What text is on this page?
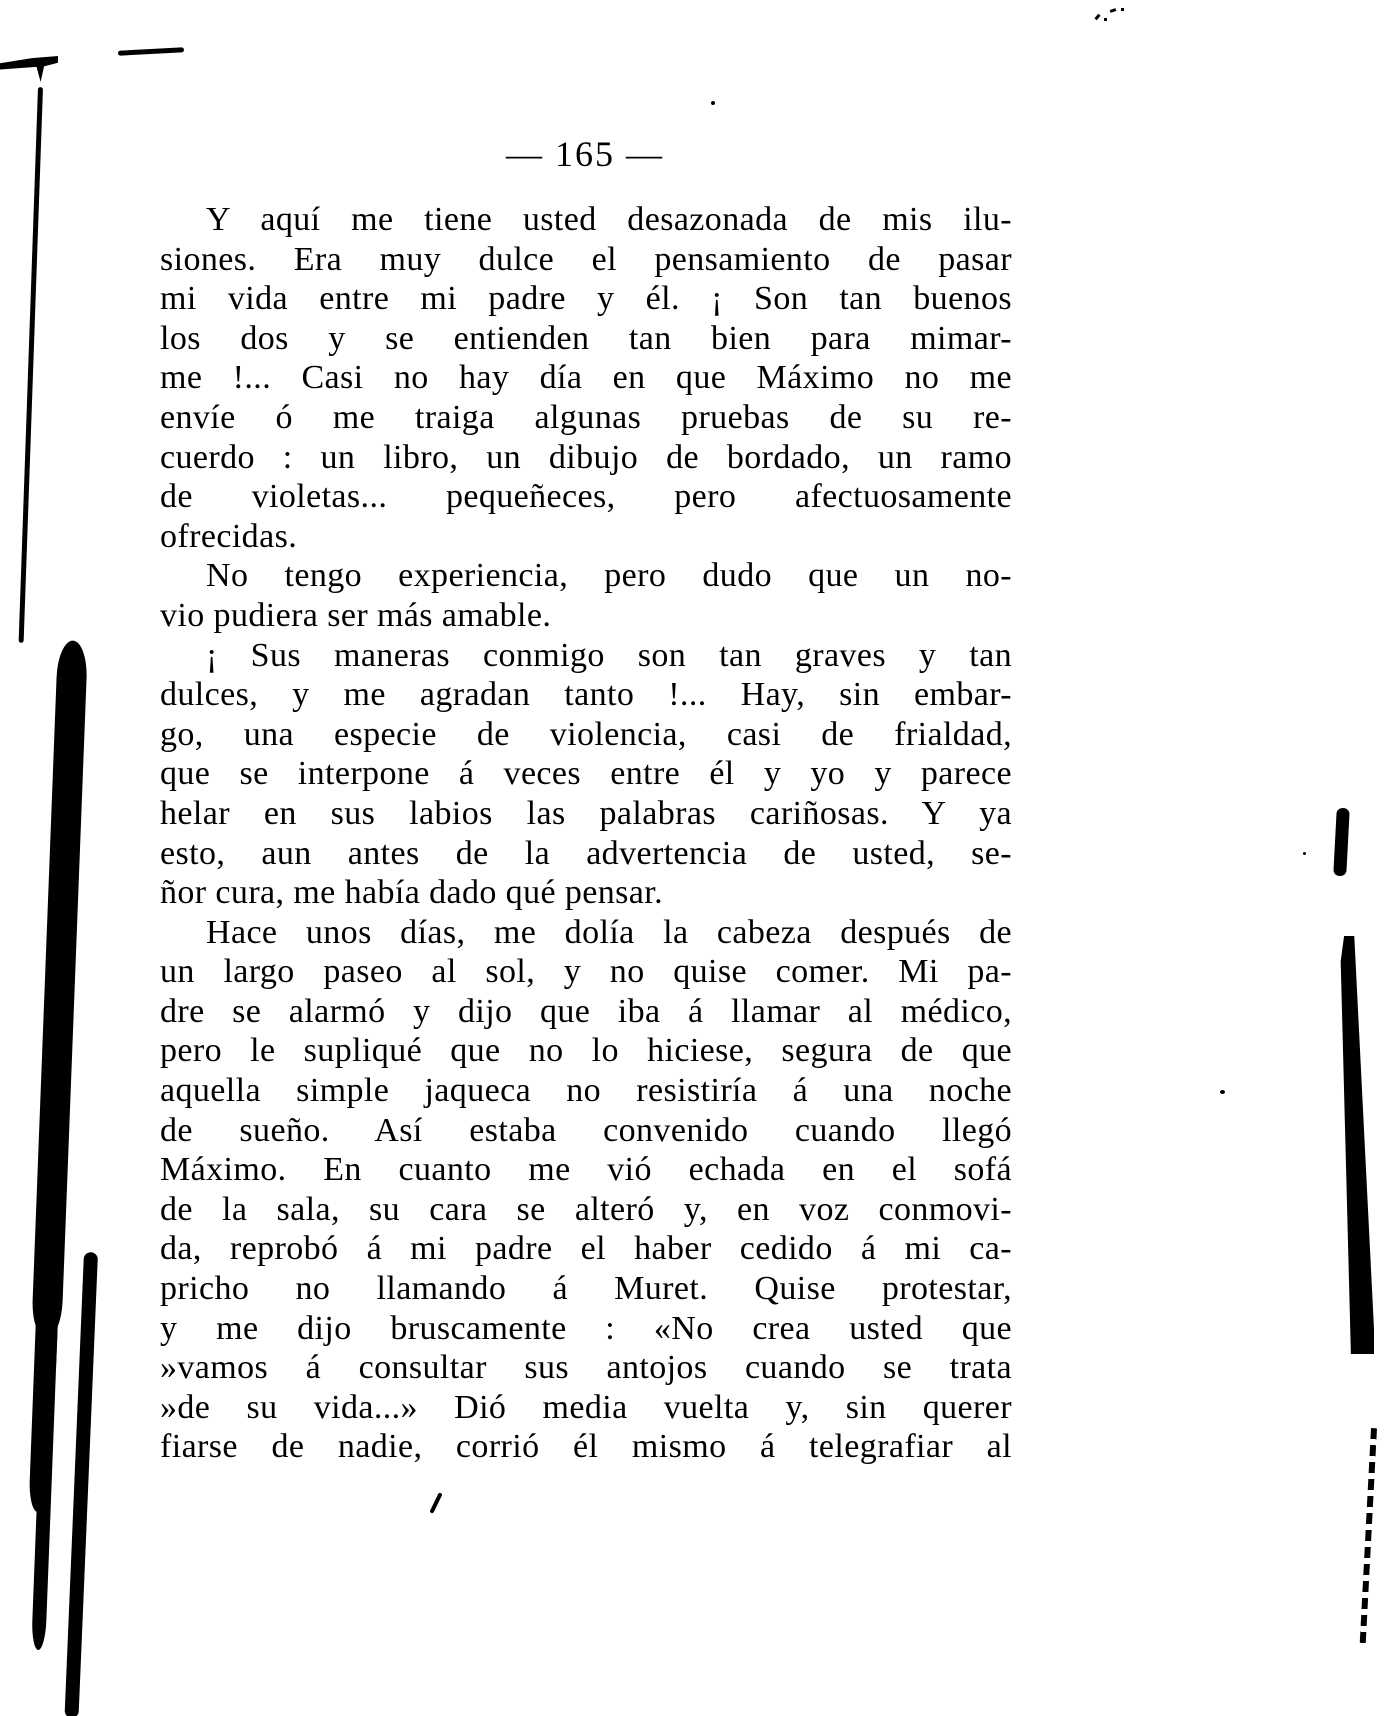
— 165 —
Y aquí me tiene usted desazonada de mis ilu-
siones. Era muy dulce el pensamiento de pasar
mi vida entre mi padre y él. ¡ Son tan buenos
los dos y se entienden tan bien para mimar-
me !... Casi no hay día en que Máximo no me
envíe ó me traiga algunas pruebas de su re-
cuerdo : un libro, un dibujo de bordado, un ramo
de violetas... pequeñeces, pero afectuosamente
ofrecidas.
No tengo experiencia, pero dudo que un no-
vio pudiera ser más amable.
¡ Sus maneras conmigo son tan graves y tan
dulces, y me agradan tanto !... Hay, sin embar-
go, una especie de violencia, casi de frialdad,
que se interpone á veces entre él y yo y parece
helar en sus labios las palabras cariñosas. Y ya
esto, aun antes de la advertencia de usted, se-
ñor cura, me había dado qué pensar.
Hace unos días, me dolía la cabeza después de
un largo paseo al sol, y no quise comer. Mi pa-
dre se alarmó y dijo que iba á llamar al médico,
pero le supliqué que no lo hiciese, segura de que
aquella simple jaqueca no resistiría á una noche
de sueño. Así estaba convenido cuando llegó
Máximo. En cuanto me vió echada en el sofá
de la sala, su cara se alteró y, en voz conmovi-
da, reprobó á mi padre el haber cedido á mi ca-
pricho no llamando á Muret. Quise protestar,
y me dijo bruscamente : «No crea usted que
»vamos á consultar sus antojos cuando se trata
»de su vida...» Dió media vuelta y, sin querer
fiarse de nadie, corrió él mismo á telegrafiar al
